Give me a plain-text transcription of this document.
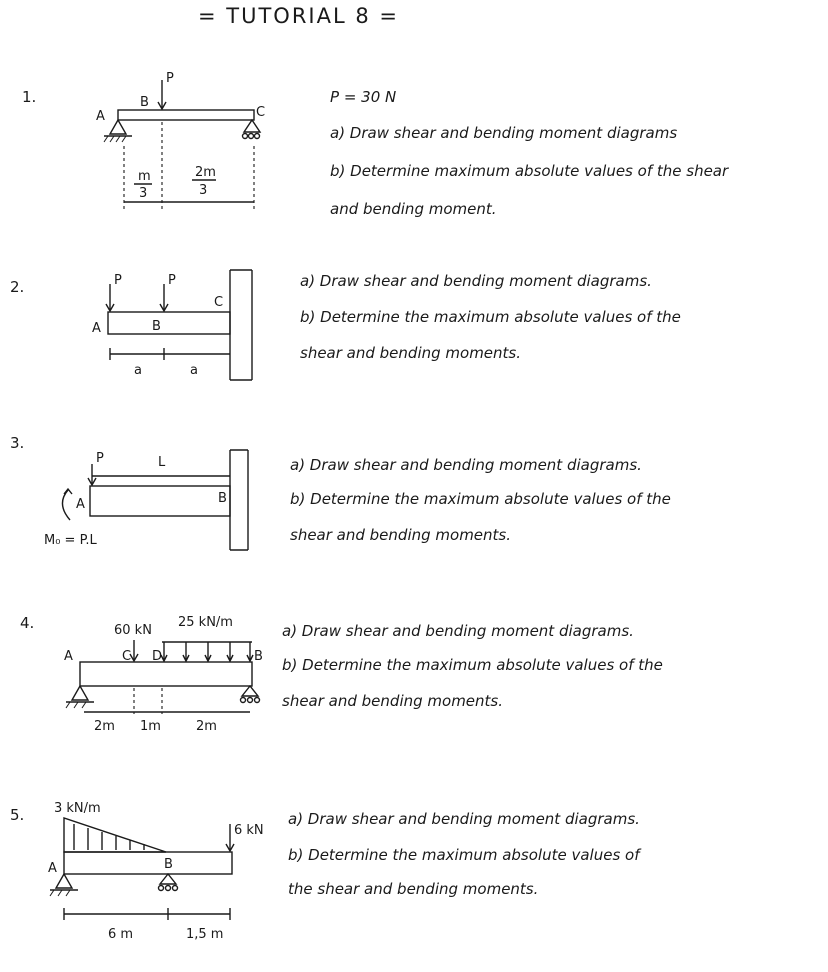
= TUTORIAL 8 =
1.
P
B
A	C
m
3
2m
3
P = 30 N
a) Draw shear and bending moment diagrams
b) Determine maximum absolute values of the shear
and bending moment.
2.	P	P
A	B
C
a	a
a) Draw shear and bending moment diagrams.
b) Determine the maximum absolute values of the
shear and bending moments.
3.
P	L
A	B
M₀ = P.L
a) Draw shear and bending moment diagrams.
b) Determine the maximum absolute values of the
shear and bending moments.
4.	60 kN
25 kN/m
A	B
C D
2m 1m	2m
a) Draw shear and bending moment diagrams.
b) Determine the maximum absolute values of the
shear and bending moments.
5. 3 kN/m
6 kN
A	B
6 m	1,5 m
a) Draw shear and bending moment diagrams.
b) Determine the maximum absolute values of
the shear and bending moments.
